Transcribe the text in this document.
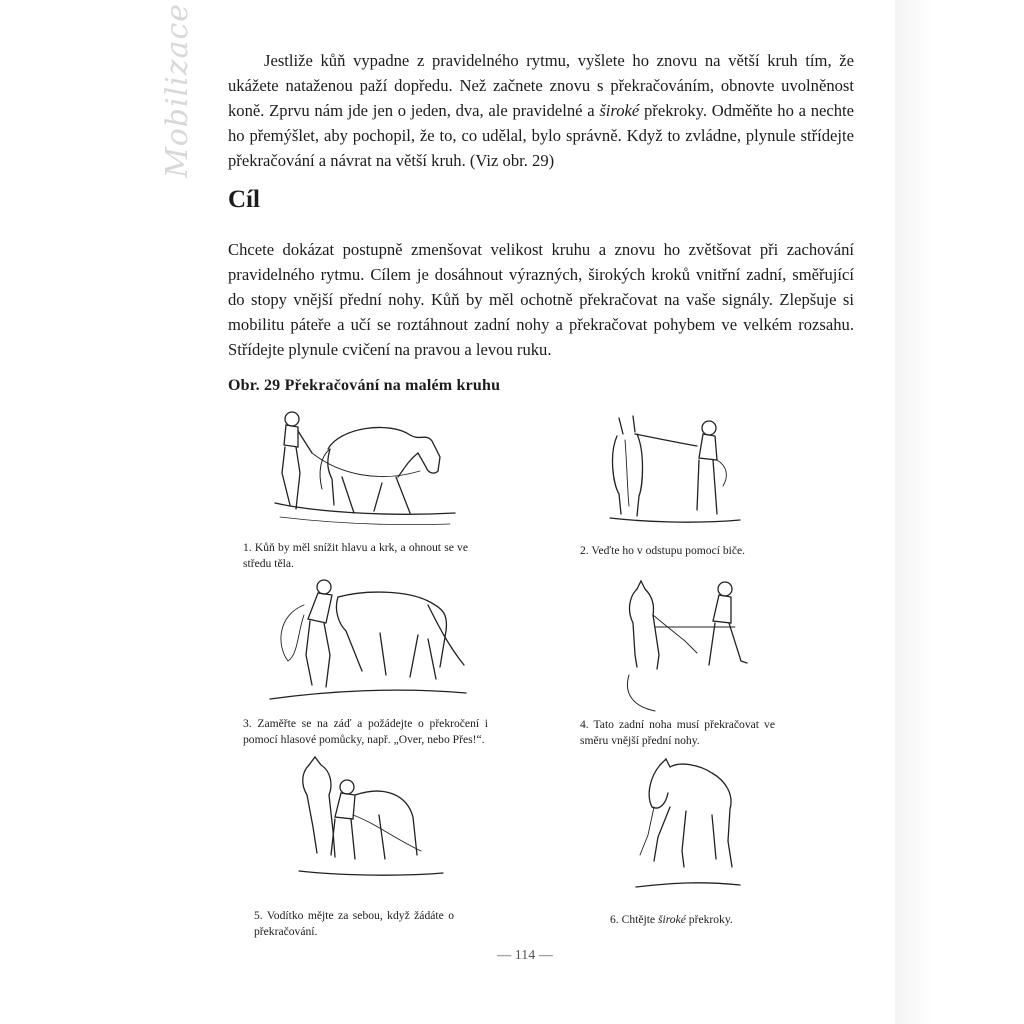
Mobilizace	Jestliže kůň vypadne z pravidelného rytmu, vyšlete ho znovu na větší kruh tím, že ukážete nataženou paží dopředu. Než začnete znovu s překračováním, obnovte uvolněnost koně. Zprvu nám jde jen o jeden, dva, ale pravidelné a široké překroky. Odměňte ho a nechte ho přemýšlet, aby pochopil, že to, co udělal, bylo správně. Když to zvládne, plynule střídejte překračování a návrat na větší kruh. (Viz obr. 29)

Cíl

Chcete dokázat postupně zmenšovat velikost kruhu a znovu ho zvětšovat při zachování pravidelného rytmu. Cílem je dosáhnout výrazných, širokých kroků vnitřní zadní, směřující do stopy vnější přední nohy. Kůň by měl ochotně překračovat na vaše signály. Zlepšuje si mobilitu páteře a učí se roztáhnout zadní nohy a překračovat pohybem ve velkém rozsahu. Střídejte plynule cvičení na pravou a levou ruku.

Obr. 29 Překračování na malém kruhu
1. Kůň by měl snížit hlavu a krk, a ohnout se ve středu těla.
2. Veďte ho v odstupu pomocí biče.
3. Zaměřte se na záď a požádejte o překročení i pomocí hlasové pomůcky, např. „Over, nebo Přes!“.
4. Tato zadní noha musí překračovat ve směru vnější přední nohy.
5. Vodítko mějte za sebou, když žádáte o překračování.
6. Chtějte široké překroky.
— 114 —
